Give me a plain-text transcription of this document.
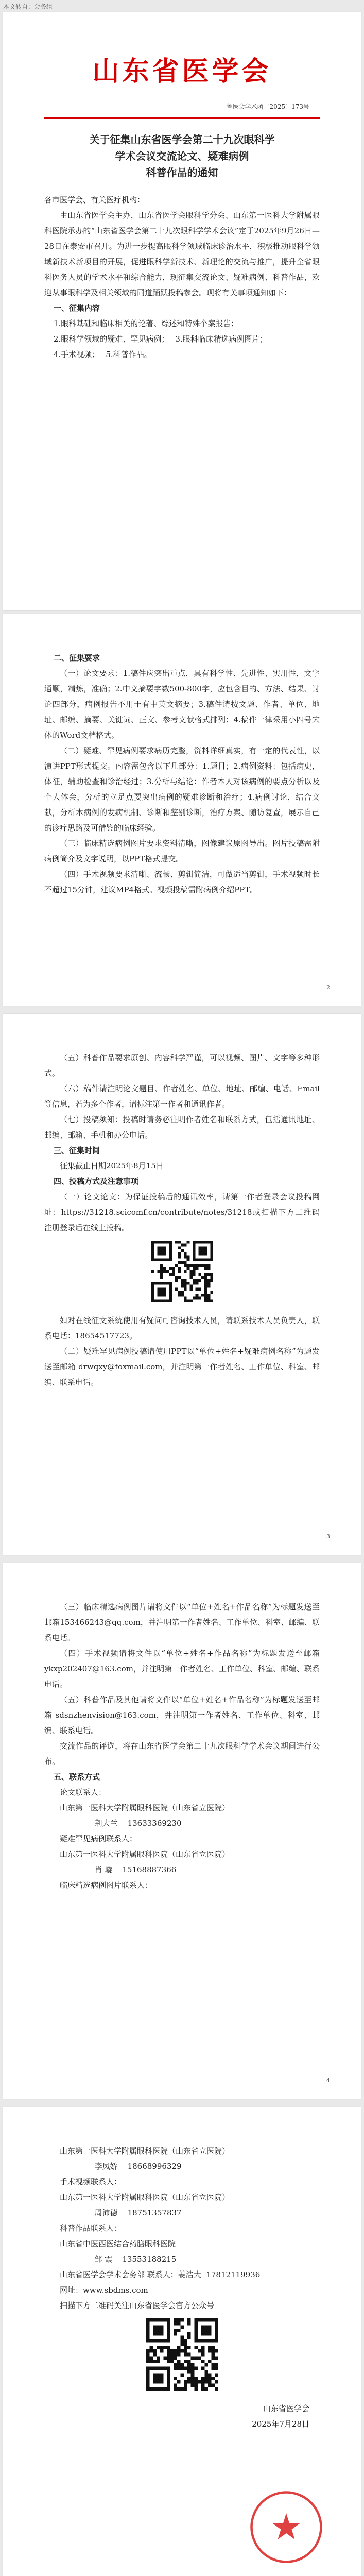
本文转自：会务组
山东省医学会
鲁医会学术函〔2025〕173号
关于征集山东省医学会第二十九次眼科学
学术会议交流论文、疑难病例
科普作品的通知
各市医学会、有关医疗机构：
由山东省医学会主办，山东省医学会眼科学分会、山东第一医科大学附属眼科医院承办的“山东省医学会第二十九次眼科学学术会议”定于2025年9月26日—28日在泰安市召开。为进一步提高眼科学领域临床诊治水平，积极推动眼科学领域新技术新项目的开展，促进眼科学新技术、新理论的交流与推广，提升全省眼科医务人员的学术水平和综合能力，现征集交流论文、疑难病例、科普作品，欢迎从事眼科学及相关领域的同道踊跃投稿参会。现将有关事项通知如下：
一、征集内容
1.眼科基础和临床相关的论著、综述和特殊个案报告；
2.眼科学领域的疑难、罕见病例； 3.眼科临床精选病例图片；
4.手术视频； 5.科普作品。
二、征集要求
（一）论文要求：1.稿件应突出重点，具有科学性、先进性、实用性，文字通顺，精炼，准确；2.中文摘要字数500-800字，应包含目的、方法、结果、讨论四部分，病例报告不用于有中英文摘要；3.稿件请按文题、作者、单位、地址、邮编、摘要、关键词、正文、参考文献格式排列；4.稿件一律采用小四号宋体的Word文档格式。
（二）疑难、罕见病例要求病历完整，资料详细真实，有一定的代表性，以演讲PPT形式提交。内容需包含以下几部分：1.题目；2.病例资料：包括病史，体征，辅助检查和诊治经过；3.分析与结论：作者本人对该病例的要点分析以及个人体会，分析的立足点要突出病例的疑难诊断和治疗；4.病例讨论，结合文献，分析本病例的发病机制、诊断和鉴别诊断，治疗方案、随访复查，展示自己的诊疗思路及可借鉴的临床经验。
（三）临床精选病例图片要求资料清晰，图像建议原图导出。图片投稿需附病例简介及文字说明，以PPT格式提交。
（四）手术视频要求清晰、流畅、剪辑简洁，可做适当剪辑，手术视频时长不超过15分钟，建议MP4格式。视频投稿需附病例介绍PPT。
2
（五）科普作品要求原创、内容科学严谨，可以视频、图片、文字等多种形式。
（六）稿件请注明论文题目、作者姓名、单位、地址、邮编、电话、Email等信息，若为多个作者，请标注第一作者和通讯作者。
（七）投稿须知：投稿时请务必注明作者姓名和联系方式，包括通讯地址、邮编、邮箱、手机和办公电话。
三、征集时间
征集截止日期2025年8月15日
四、投稿方式及注意事项
（一）论文论文：为保证投稿后的通讯效率，请第一作者登录会议投稿网址：https://31218.scicomf.cn/contribute/notes/31218或扫描下方二维码注册登录后在线上投稿。
如对在线征文系统使用有疑问可咨询技术人员，请联系技术人员负责人，联系电话：18654517723。
（二）疑难罕见病例投稿请使用PPT以“单位+姓名+疑难病例名称”为题发送至邮箱 drwqxy@foxmail.com，并注明第一作者姓名、工作单位、科室、邮编、联系电话。
3
（三）临床精选病例图片请将文件以“单位+姓名+作品名称”为标题发送至邮箱153466243@qq.com，并注明第一作者姓名、工作单位、科室、邮编、联系电话。
（四）手术视频请将文件以“单位+姓名+作品名称”为标题发送至邮箱 ykxp202407@163.com，并注明第一作者姓名、工作单位、科室、邮编、联系电话。
（五）科普作品及其他请将文件以“单位+姓名+作品名称”为标题发送至邮箱 sdsnzhenvision@163.com，并注明第一作者姓名、工作单位、科室、邮编、联系电话。
交流作品的评选，将在山东省医学会第二十九次眼科学学术会议期间进行公布。
五、联系方式
论文联系人：
山东第一医科大学附属眼科医院（山东省立医院）
荆大兰 13633369230
疑难罕见病例联系人：
山东第一医科大学附属眼科医院（山东省立医院）
肖 璇 15168887366
临床精选病例图片联系人：
4
山东第一医科大学附属眼科医院（山东省立医院）
李凤娇 18668996329
手术视频联系人：
山东第一医科大学附属眼科医院（山东省立医院）
周沛德 18751357837
科普作品联系人：
山东省中医西医结合药膳眼科医院
邹 霞 13553188215
山东省医学会学术会务部 联系人：姜浩大 17812119936
网址：www.sbdms.com
扫描下方二维码关注山东省医学会官方公众号
山东省医学会
2025年7月28日
